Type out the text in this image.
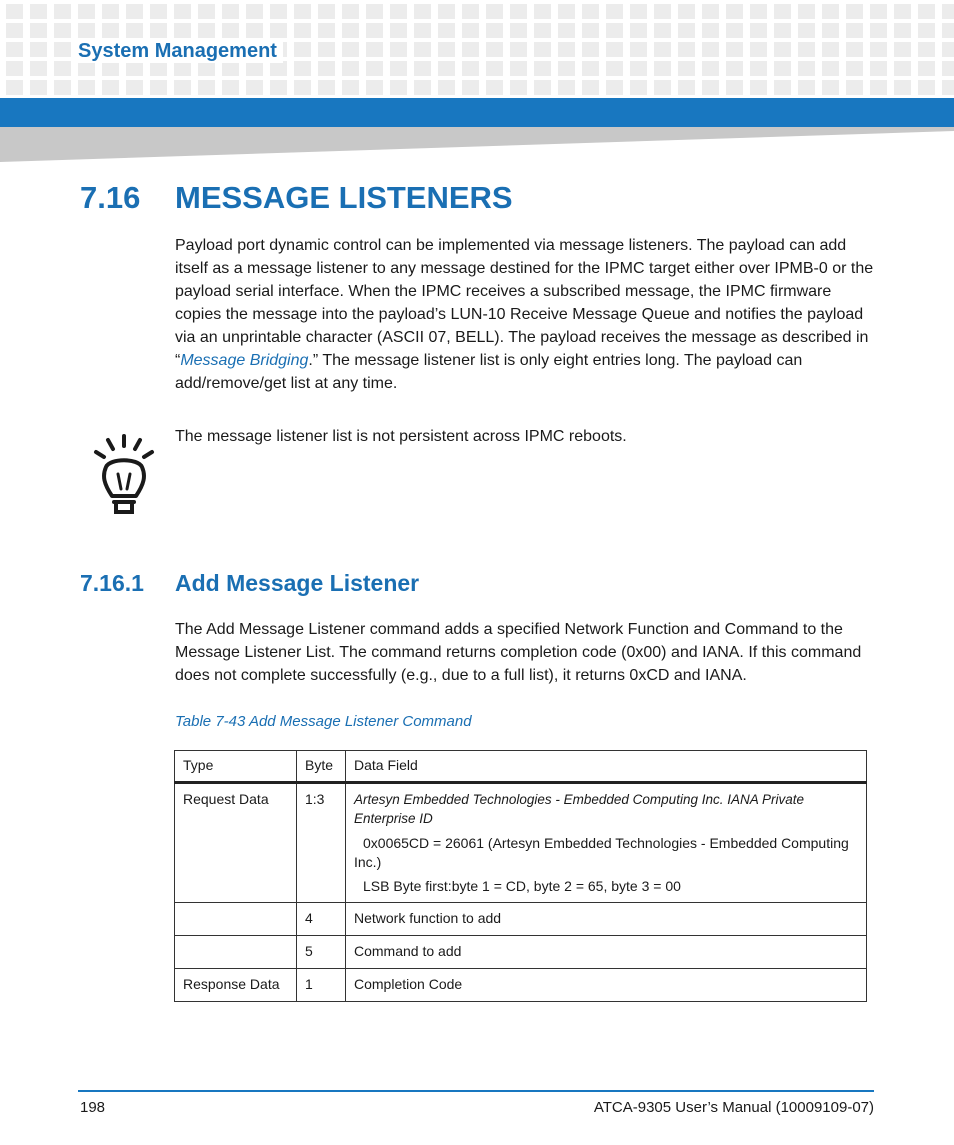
System Management
7.16 MESSAGE LISTENERS
Payload port dynamic control can be implemented via message listeners. The payload can add itself as a message listener to any message destined for the IPMC target either over IPMB-0 or the payload serial interface. When the IPMC receives a subscribed message, the IPMC firmware copies the message into the payload’s LUN-10 Receive Message Queue and notifies the payload via an unprintable character (ASCII 07, BELL). The payload receives the message as described in “Message Bridging.” The message listener list is only eight entries long. The payload can add/remove/get list at any time.
The message listener list is not persistent across IPMC reboots.
7.16.1 Add Message Listener
The Add Message Listener command adds a specified Network Function and Command to the Message Listener List. The command returns completion code (0x00) and IANA. If this command does not complete successfully (e.g., due to a full list), it returns 0xCD and IANA.
Table 7-43 Add Message Listener Command
Type	Byte	Data Field
Request Data	1:3	Artesyn Embedded Technologies - Embedded Computing Inc. IANA Private Enterprise ID
0x0065CD = 26061 (Artesyn Embedded Technologies - Embedded Computing Inc.)
LSB Byte first:byte 1 = CD, byte 2 = 65, byte 3 = 00

	4	Network function to add
	5	Command to add
Response Data	1	Completion Code
198	ATCA-9305 User’s Manual (10009109-07)
